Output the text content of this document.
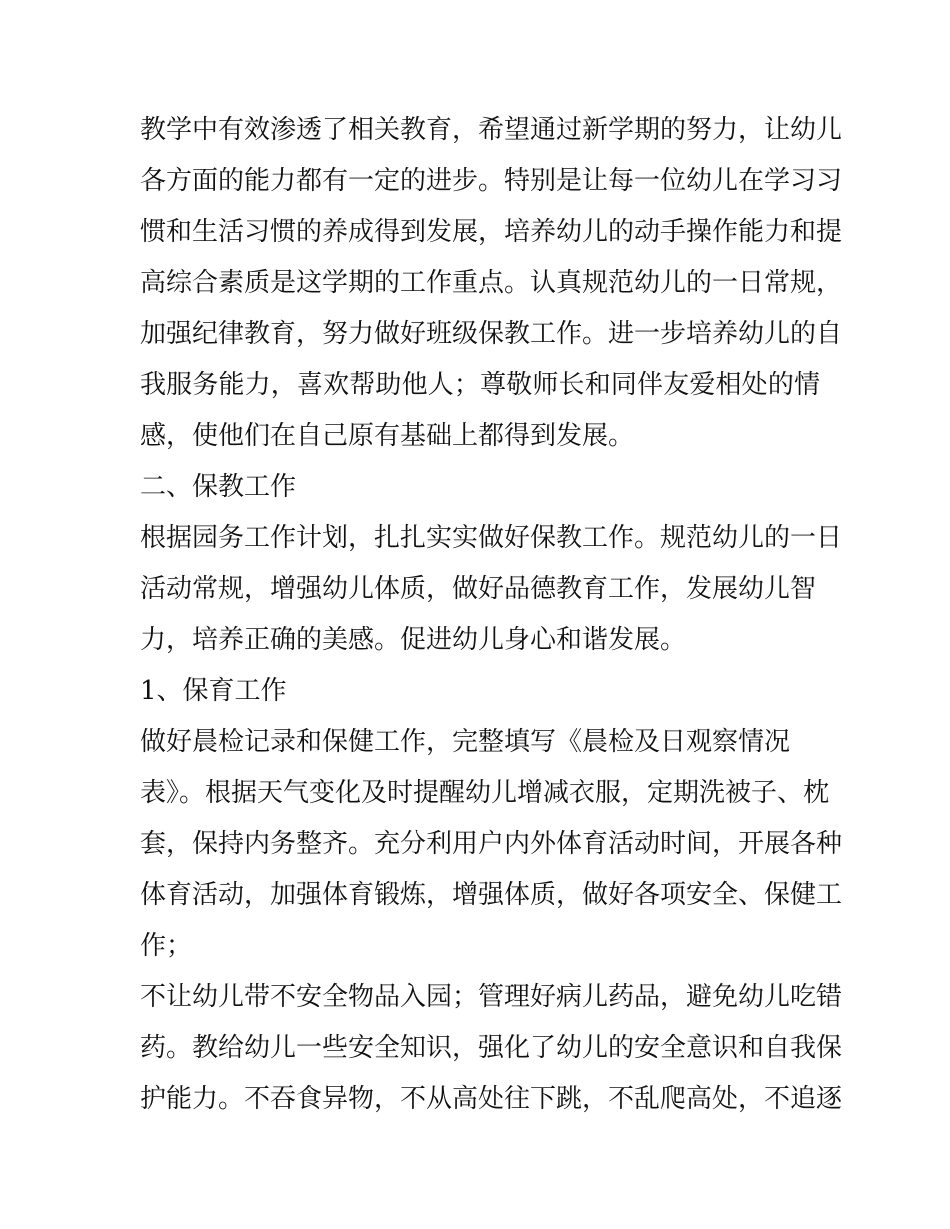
教学中有效渗透了相关教育，希望通过新学期的努力，让幼儿
各方面的能力都有一定的进步。特别是让每一位幼儿在学习习
惯和生活习惯的养成得到发展，培养幼儿的动手操作能力和提
高综合素质是这学期的工作重点。认真规范幼儿的一日常规，
加强纪律教育，努力做好班级保教工作。进一步培养幼儿的自
我服务能力，喜欢帮助他人；尊敬师长和同伴友爱相处的情
感，使他们在自己原有基础上都得到发展。
二、保教工作
根据园务工作计划，扎扎实实做好保教工作。规范幼儿的一日
活动常规，增强幼儿体质，做好品德教育工作，发展幼儿智
力，培养正确的美感。促进幼儿身心和谐发展。
1、保育工作
做好晨检记录和保健工作，完整填写《晨检及日观察情况
表》。根据天气变化及时提醒幼儿增减衣服，定期洗被子、枕
套，保持内务整齐。充分利用户内外体育活动时间，开展各种
体育活动，加强体育锻炼，增强体质，做好各项安全、保健工
作；
不让幼儿带不安全物品入园；管理好病儿药品，避免幼儿吃错
药。教给幼儿一些安全知识，强化了幼儿的安全意识和自我保
护能力。不吞食异物，不从高处往下跳，不乱爬高处，不追逐
